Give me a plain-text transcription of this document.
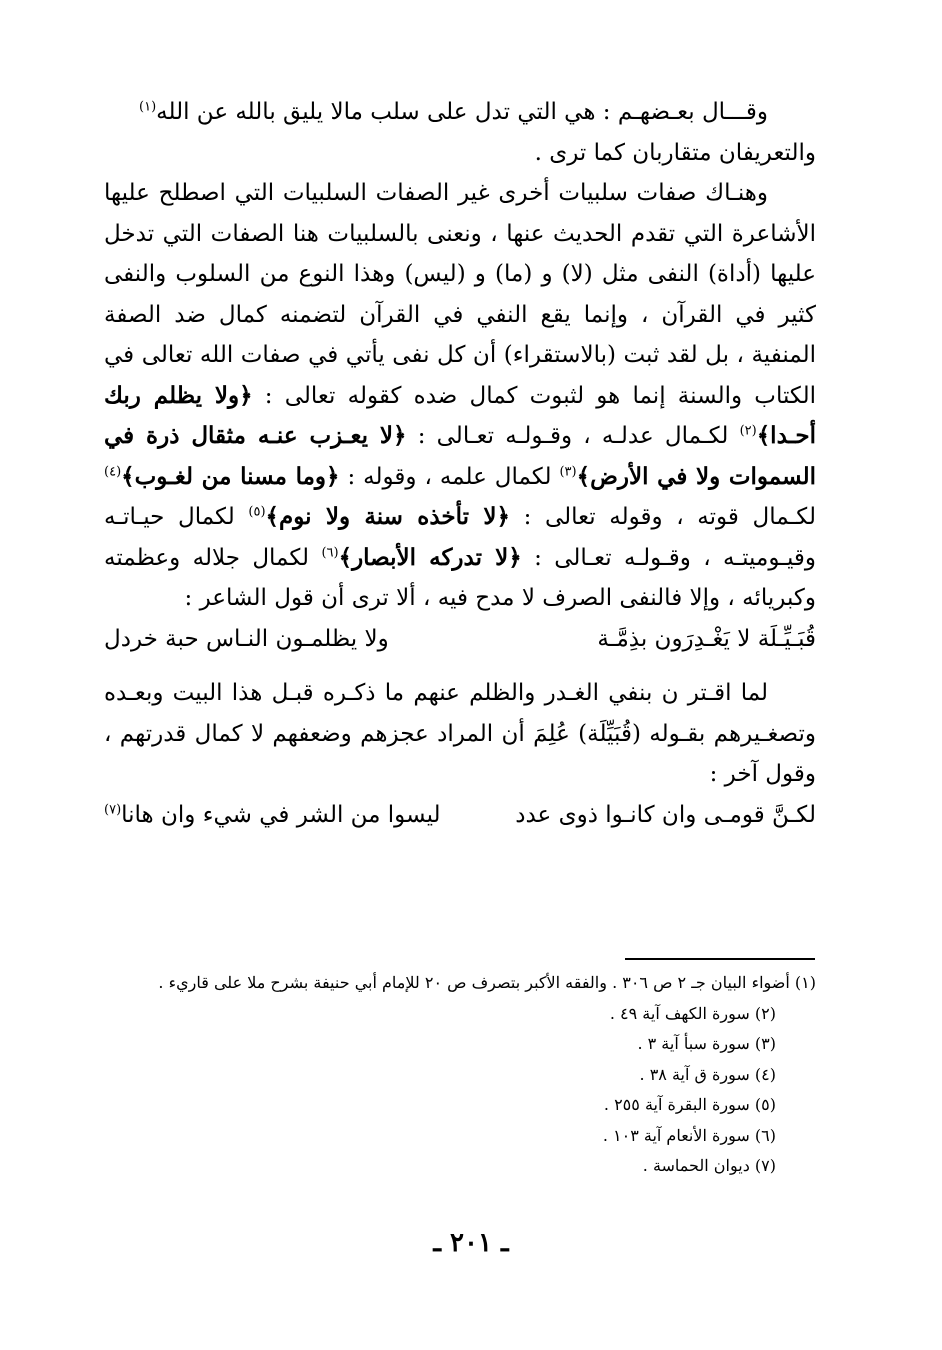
وقـــال بعـضهـم : هي التي تدل على سلب مالا يليق بالله عن الله$^{(١)}$

والتعريفان متقاربان كما ترى .

وهنـاك صفات سلبيات أخرى غير الصفات السلبيات التي اصطلح عليها الأشاعرة التي تقدم الحديث عنها ، ونعنى بالسلبيات هنا الصفات التي تدخل عليها (أداة) النفى مثل (لا) و (ما) و (ليس) وهذا النوع من السلوب والنفى كثير في القرآن ، وإنما يقع النفي في القرآن لتضمنه كمال ضد الصفة المنفية ، بل لقد ثبت (بالاستقراء) أن كل نفى يأتي في صفات الله تعالى في الكتاب والسنة إنما هو لثبوت كمال ضده كقوله تعالى : ﴿ولا يظلم ربك أحـدا﴾$^{(٢)}$ لكـمال عدلـه ، وقـولـه تعـالى : ﴿لا يعـزب عنـه مثقال ذرة في السموات ولا في الأرض﴾$^{(٣)}$ لكمال علمه ، وقوله : ﴿وما مسنا من لغـوب﴾$^{(٤)}$ لكـمال قوته ، وقوله تعالى : ﴿لا تأخذه سنة ولا نوم﴾$^{(٥)}$ لكمال حيـاتـه وقيـوميتـه ، وقـولـه تعـالى : ﴿لا تدركه الأبصار﴾$^{(٦)}$ لكمال جلاله وعظمته وكبريائه ، وإلا فالنفى الصرف لا مدح فيه ، ألا ترى أن قول الشاعر :

قُبَـيِّـلَة لا يَغْـدِرَون بذِمَّـة
ولا يظلمـون النـاس حبة خردل

لما اقـتر ن بنفي الغـدر والظلم عنهم ما ذكـره قبـل هذا البيت وبعـده وتصغـيرهم بقـوله (قُبَيِّلَة) عُلِمَ أن المراد عجزهم وضعفهم لا كمال قدرتهم ، وقول آخر :

لكـنَّ قومـى وان كانـوا ذوى عدد
ليسوا من الشر في شيء وان هانا$^{(٧)}$
(١) أضواء البيان جـ ٢ ص ٣٠٦ . والفقه الأكبر بتصرف ص ٢٠ للإمام أبي حنيفة بشرح ملا على قاريء .
(٢) سورة الكهف آية ٤٩ .
(٣) سورة سبأ آية ٣ .
(٤) سورة ق آية ٣٨ .
(٥) سورة البقرة آية ٢٥٥ .
(٦) سورة الأنعام آية ١٠٣ .
(٧) ديوان الحماسة .
ـ ٢٠١ ـ
